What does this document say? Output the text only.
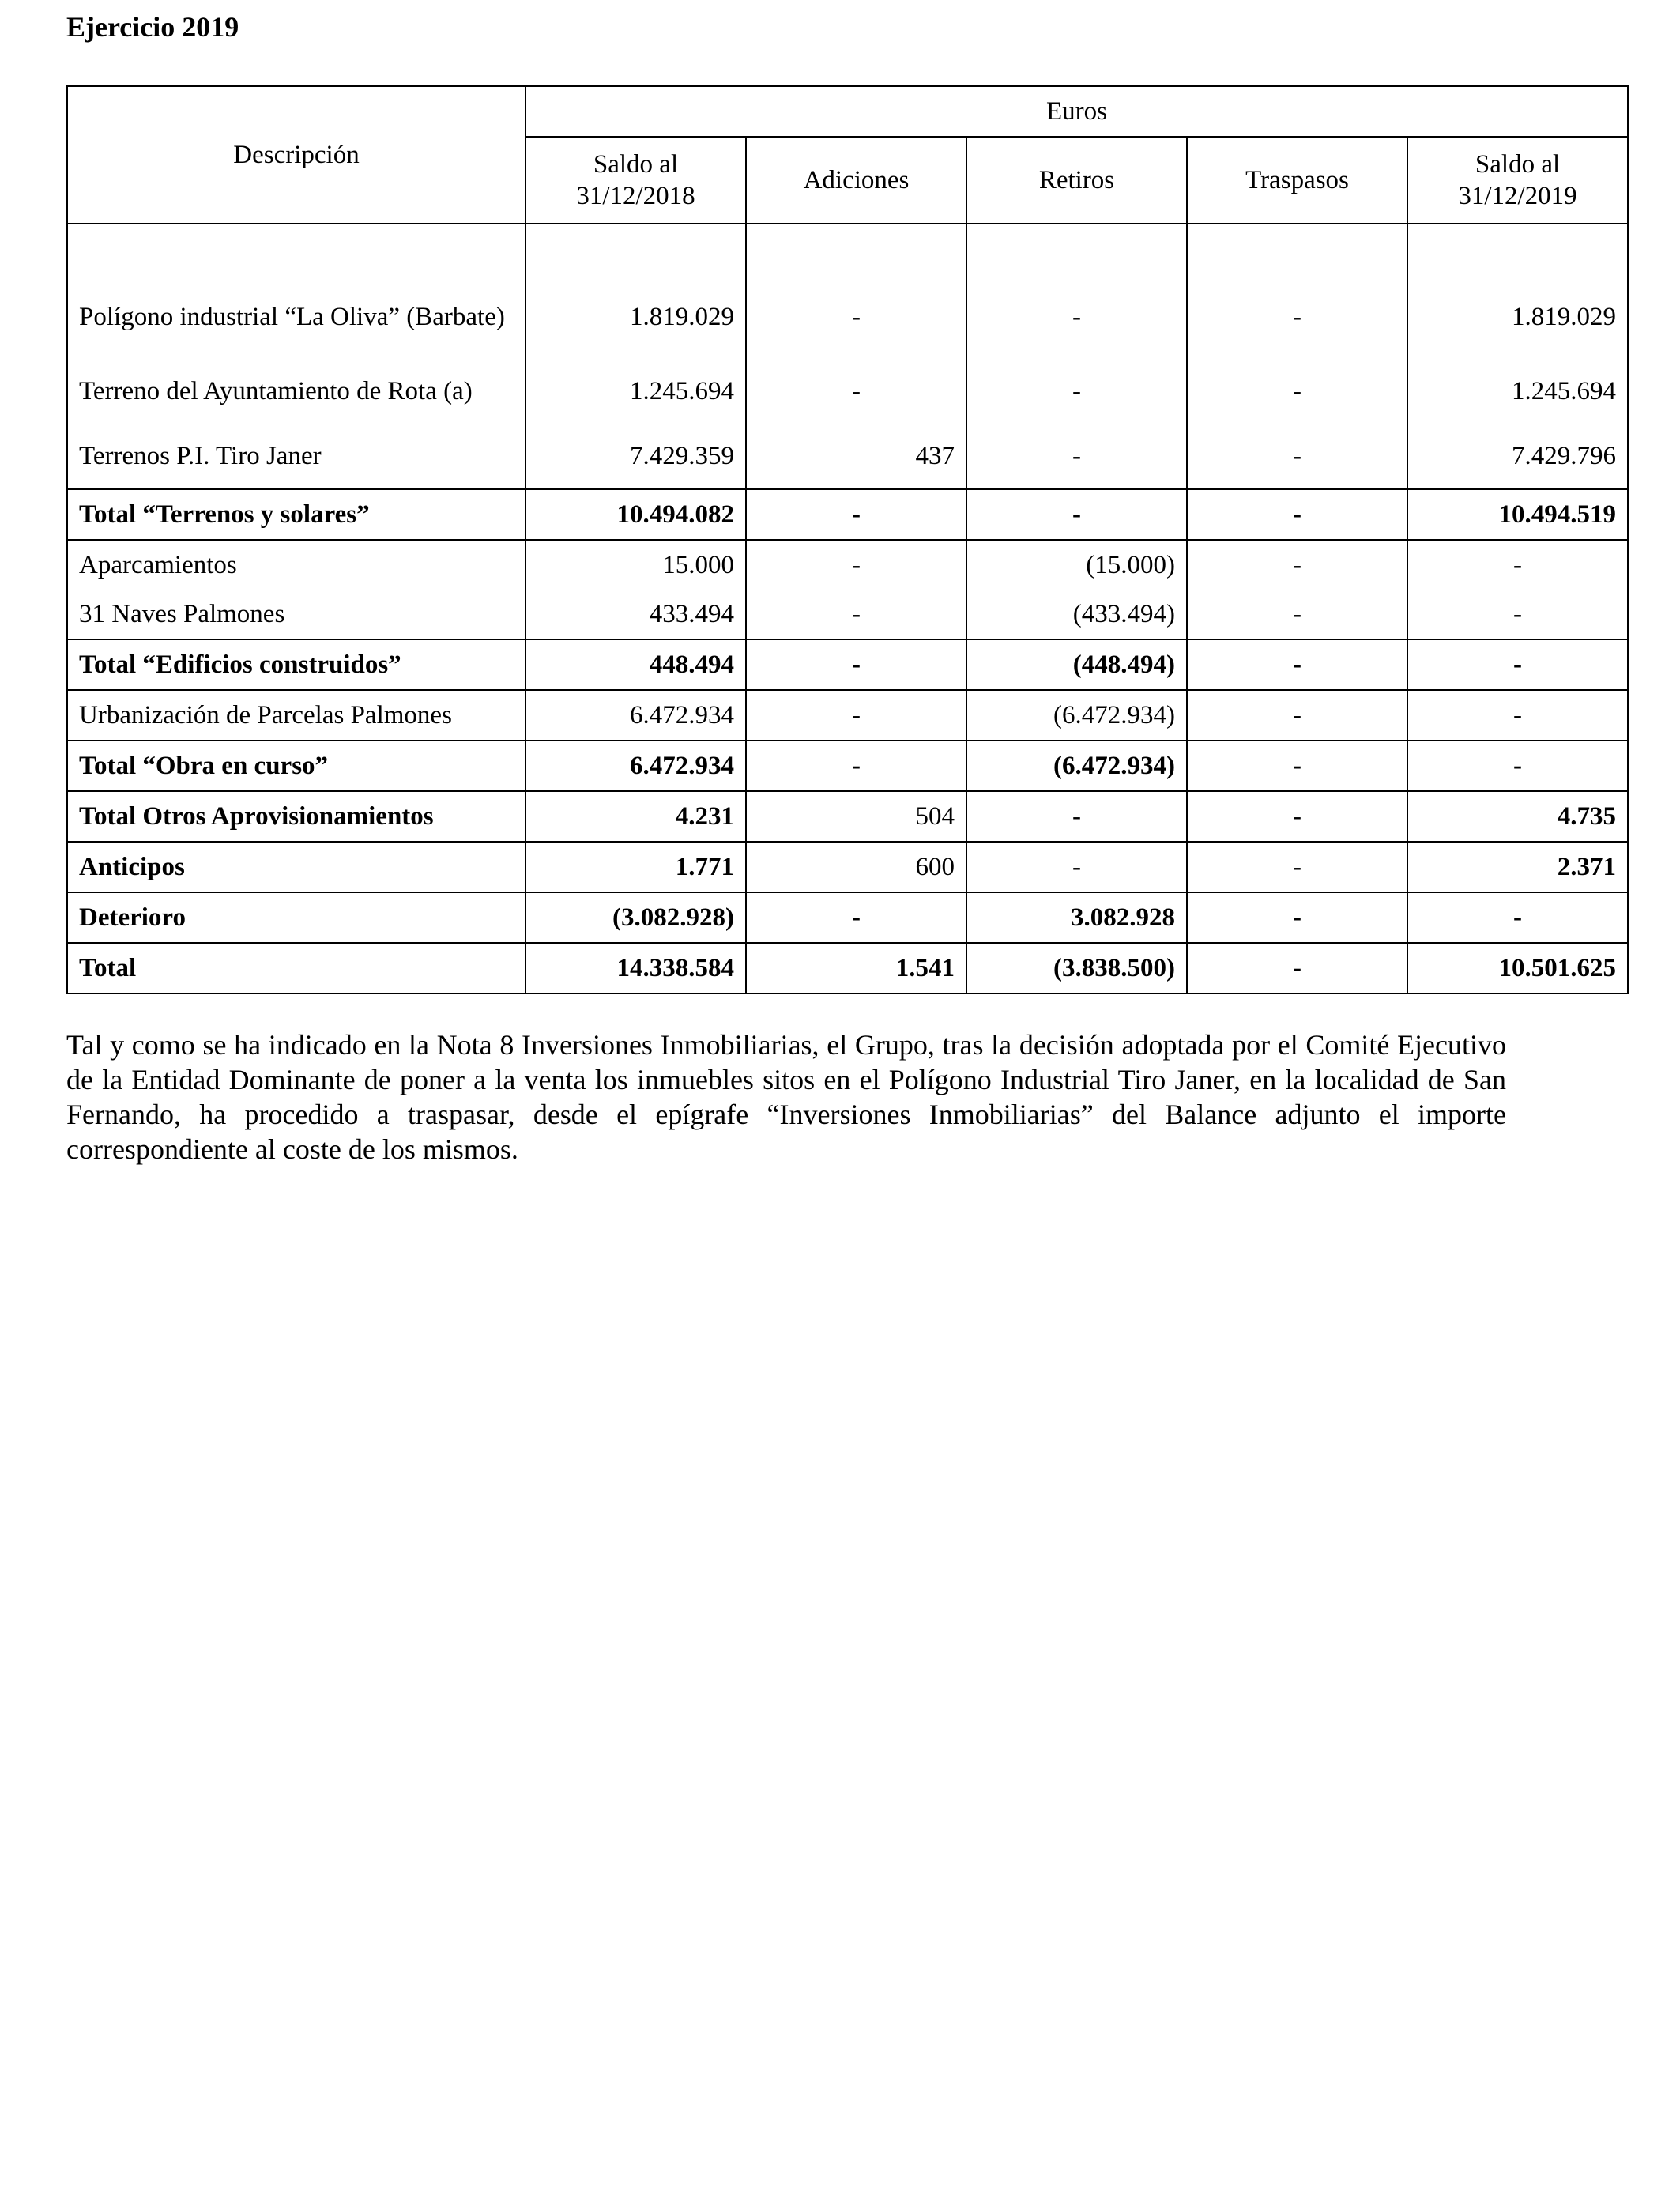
Ejercicio 2019
Descripción	Euros				
	Saldo al 31/12/2018	Adiciones	Retiros	Traspasos	Saldo al 31/12/2019

Polígono industrial “La Oliva” (Barbate)	1.819.029	-	-	-	1.819.029
Terreno del Ayuntamiento de Rota (a)	1.245.694	-	-	-	1.245.694
Terrenos P.I. Tiro Janer	7.429.359	437	-	-	7.429.796
Total “Terrenos y solares”	10.494.082	-	-	-	10.494.519
Aparcamientos	15.000	-	(15.000)	-	-
31 Naves Palmones	433.494	-	(433.494)	-	-
Total “Edificios construidos”	448.494	-	(448.494)	-	-
Urbanización de Parcelas Palmones	6.472.934	-	(6.472.934)	-	-
Total “Obra en curso”	6.472.934	-	(6.472.934)	-	-
Total Otros Aprovisionamientos	4.231	504	-	-	4.735
Anticipos	1.771	600	-	-	2.371
Deterioro	(3.082.928)	-	3.082.928	-	-
Total	14.338.584	1.541	(3.838.500)	-	10.501.625
Tal y como se ha indicado en la Nota 8 Inversiones Inmobiliarias, el Grupo, tras la decisión adoptada por el Comité Ejecutivo de la Entidad Dominante de poner a la venta los inmuebles sitos en el Polígono Industrial Tiro Janer, en la localidad de San Fernando, ha procedido a traspasar, desde el epígrafe “Inversiones Inmobiliarias” del Balance adjunto el importe correspondiente al coste de los mismos.
